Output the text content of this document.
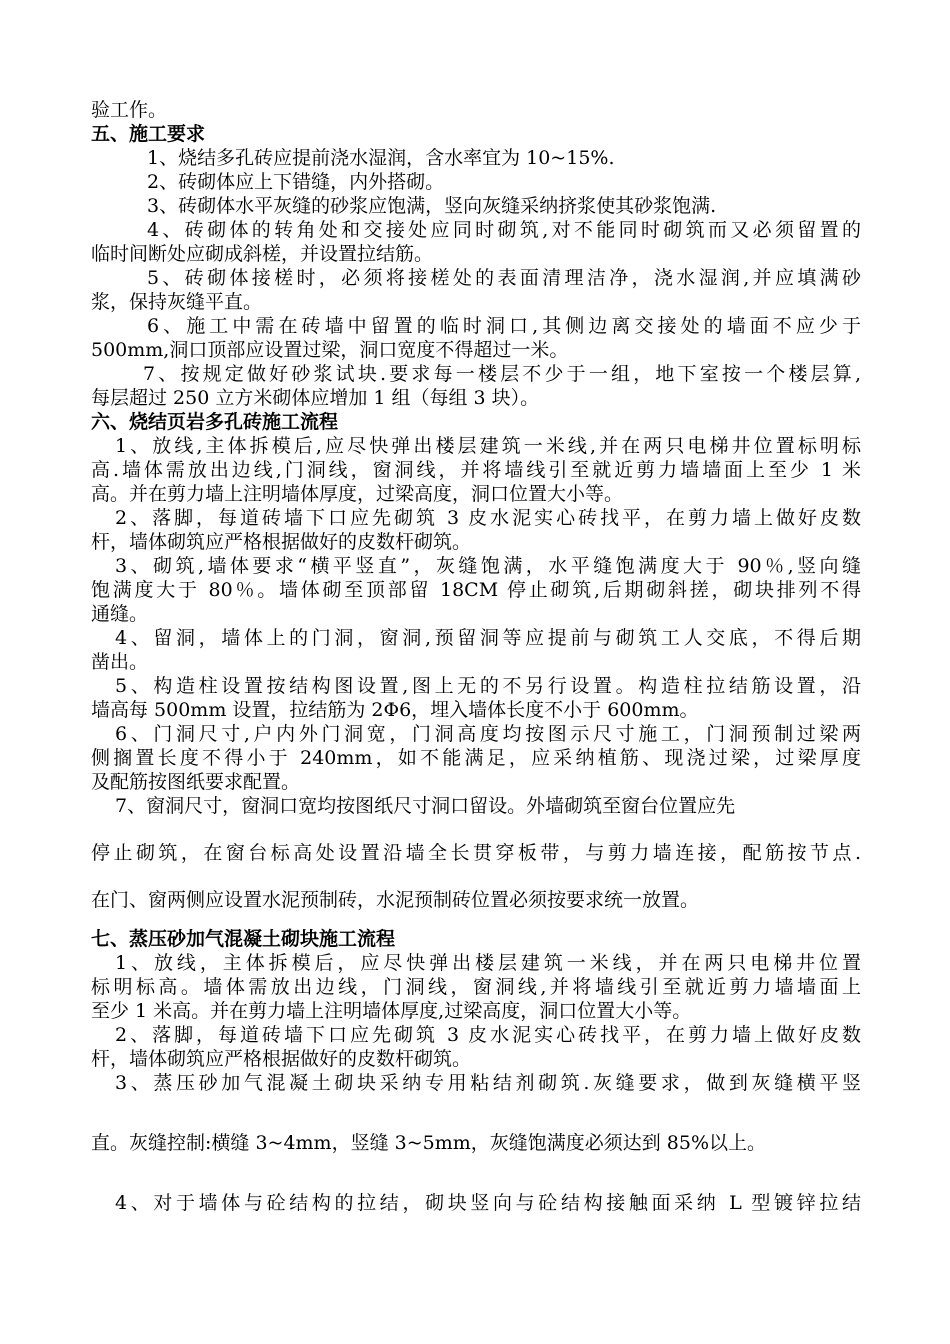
验工作。
五、施工要求
1、烧结多孔砖应提前浇水湿润，含水率宜为 10~15%.
2、砖砌体应上下错缝，内外搭砌。
3、砖砌体水平灰缝的砂浆应饱满，竖向灰缝采纳挤浆使其砂浆饱满.
4、砖砌体的转角处和交接处应同时砌筑,对不能同时砌筑而又必须留置的
临时间断处应砌成斜槎，并设置拉结筋。
5、砖砌体接槎时，必须将接槎处的表面清理洁净，浇水湿润,并应填满砂
浆，保持灰缝平直。
6、施工中需在砖墙中留置的临时洞口,其侧边离交接处的墙面不应少于
500mm,洞口顶部应设置过梁，洞口宽度不得超过一米。
7、按规定做好砂浆试块.要求每一楼层不少于一组，地下室按一个楼层算,
每层超过 250 立方米砌体应增加 1 组（每组 3 块）。
六、烧结页岩多孔砖施工流程
1、放线,主体拆模后,应尽快弹出楼层建筑一米线,并在两只电梯井位置标明标
高.墙体需放出边线,门洞线，窗洞线，并将墙线引至就近剪力墙墙面上至少 1 米
高。并在剪力墙上注明墙体厚度，过梁高度，洞口位置大小等。
2、落脚，每道砖墙下口应先砌筑 3 皮水泥实心砖找平，在剪力墙上做好皮数
杆，墙体砌筑应严格根据做好的皮数杆砌筑。
3、砌筑,墙体要求“横平竖直”，灰缝饱满，水平缝饱满度大于 90％,竖向缝
饱满度大于 80％。墙体砌至顶部留 18CM 停止砌筑,后期砌斜搓，砌块排列不得
通缝。
4、留洞，墙体上的门洞，窗洞,预留洞等应提前与砌筑工人交底，不得后期
凿出。
5、构造柱设置按结构图设置,图上无的不另行设置。构造柱拉结筋设置，沿
墙高每 500mm 设置，拉结筋为 2Φ6，埋入墙体长度不小于 600mm。
6、门洞尺寸,户内外门洞宽，门洞高度均按图示尺寸施工，门洞预制过梁两
侧搁置长度不得小于 240mm，如不能满足，应采纳植筋、现浇过梁，过梁厚度
及配筋按图纸要求配置。
7、窗洞尺寸，窗洞口宽均按图纸尺寸洞口留设。外墙砌筑至窗台位置应先
停止砌筑，在窗台标高处设置沿墙全长贯穿板带，与剪力墙连接，配筋按节点.
在门、窗两侧应设置水泥预制砖，水泥预制砖位置必须按要求统一放置。
七、蒸压砂加气混凝土砌块施工流程
1、放线，主体拆模后，应尽快弹出楼层建筑一米线，并在两只电梯井位置
标明标高。墙体需放出边线，门洞线，窗洞线,并将墙线引至就近剪力墙墙面上
至少 1 米高。并在剪力墙上注明墙体厚度,过梁高度，洞口位置大小等。
2、落脚，每道砖墙下口应先砌筑 3 皮水泥实心砖找平，在剪力墙上做好皮数
杆，墙体砌筑应严格根据做好的皮数杆砌筑。
3、蒸压砂加气混凝土砌块采纳专用粘结剂砌筑.灰缝要求，做到灰缝横平竖
直。灰缝控制:横缝 3~4mm，竖缝 3~5mm，灰缝饱满度必须达到 85%以上。
4、对于墙体与砼结构的拉结，砌块竖向与砼结构接触面采纳 L 型镀锌拉结
